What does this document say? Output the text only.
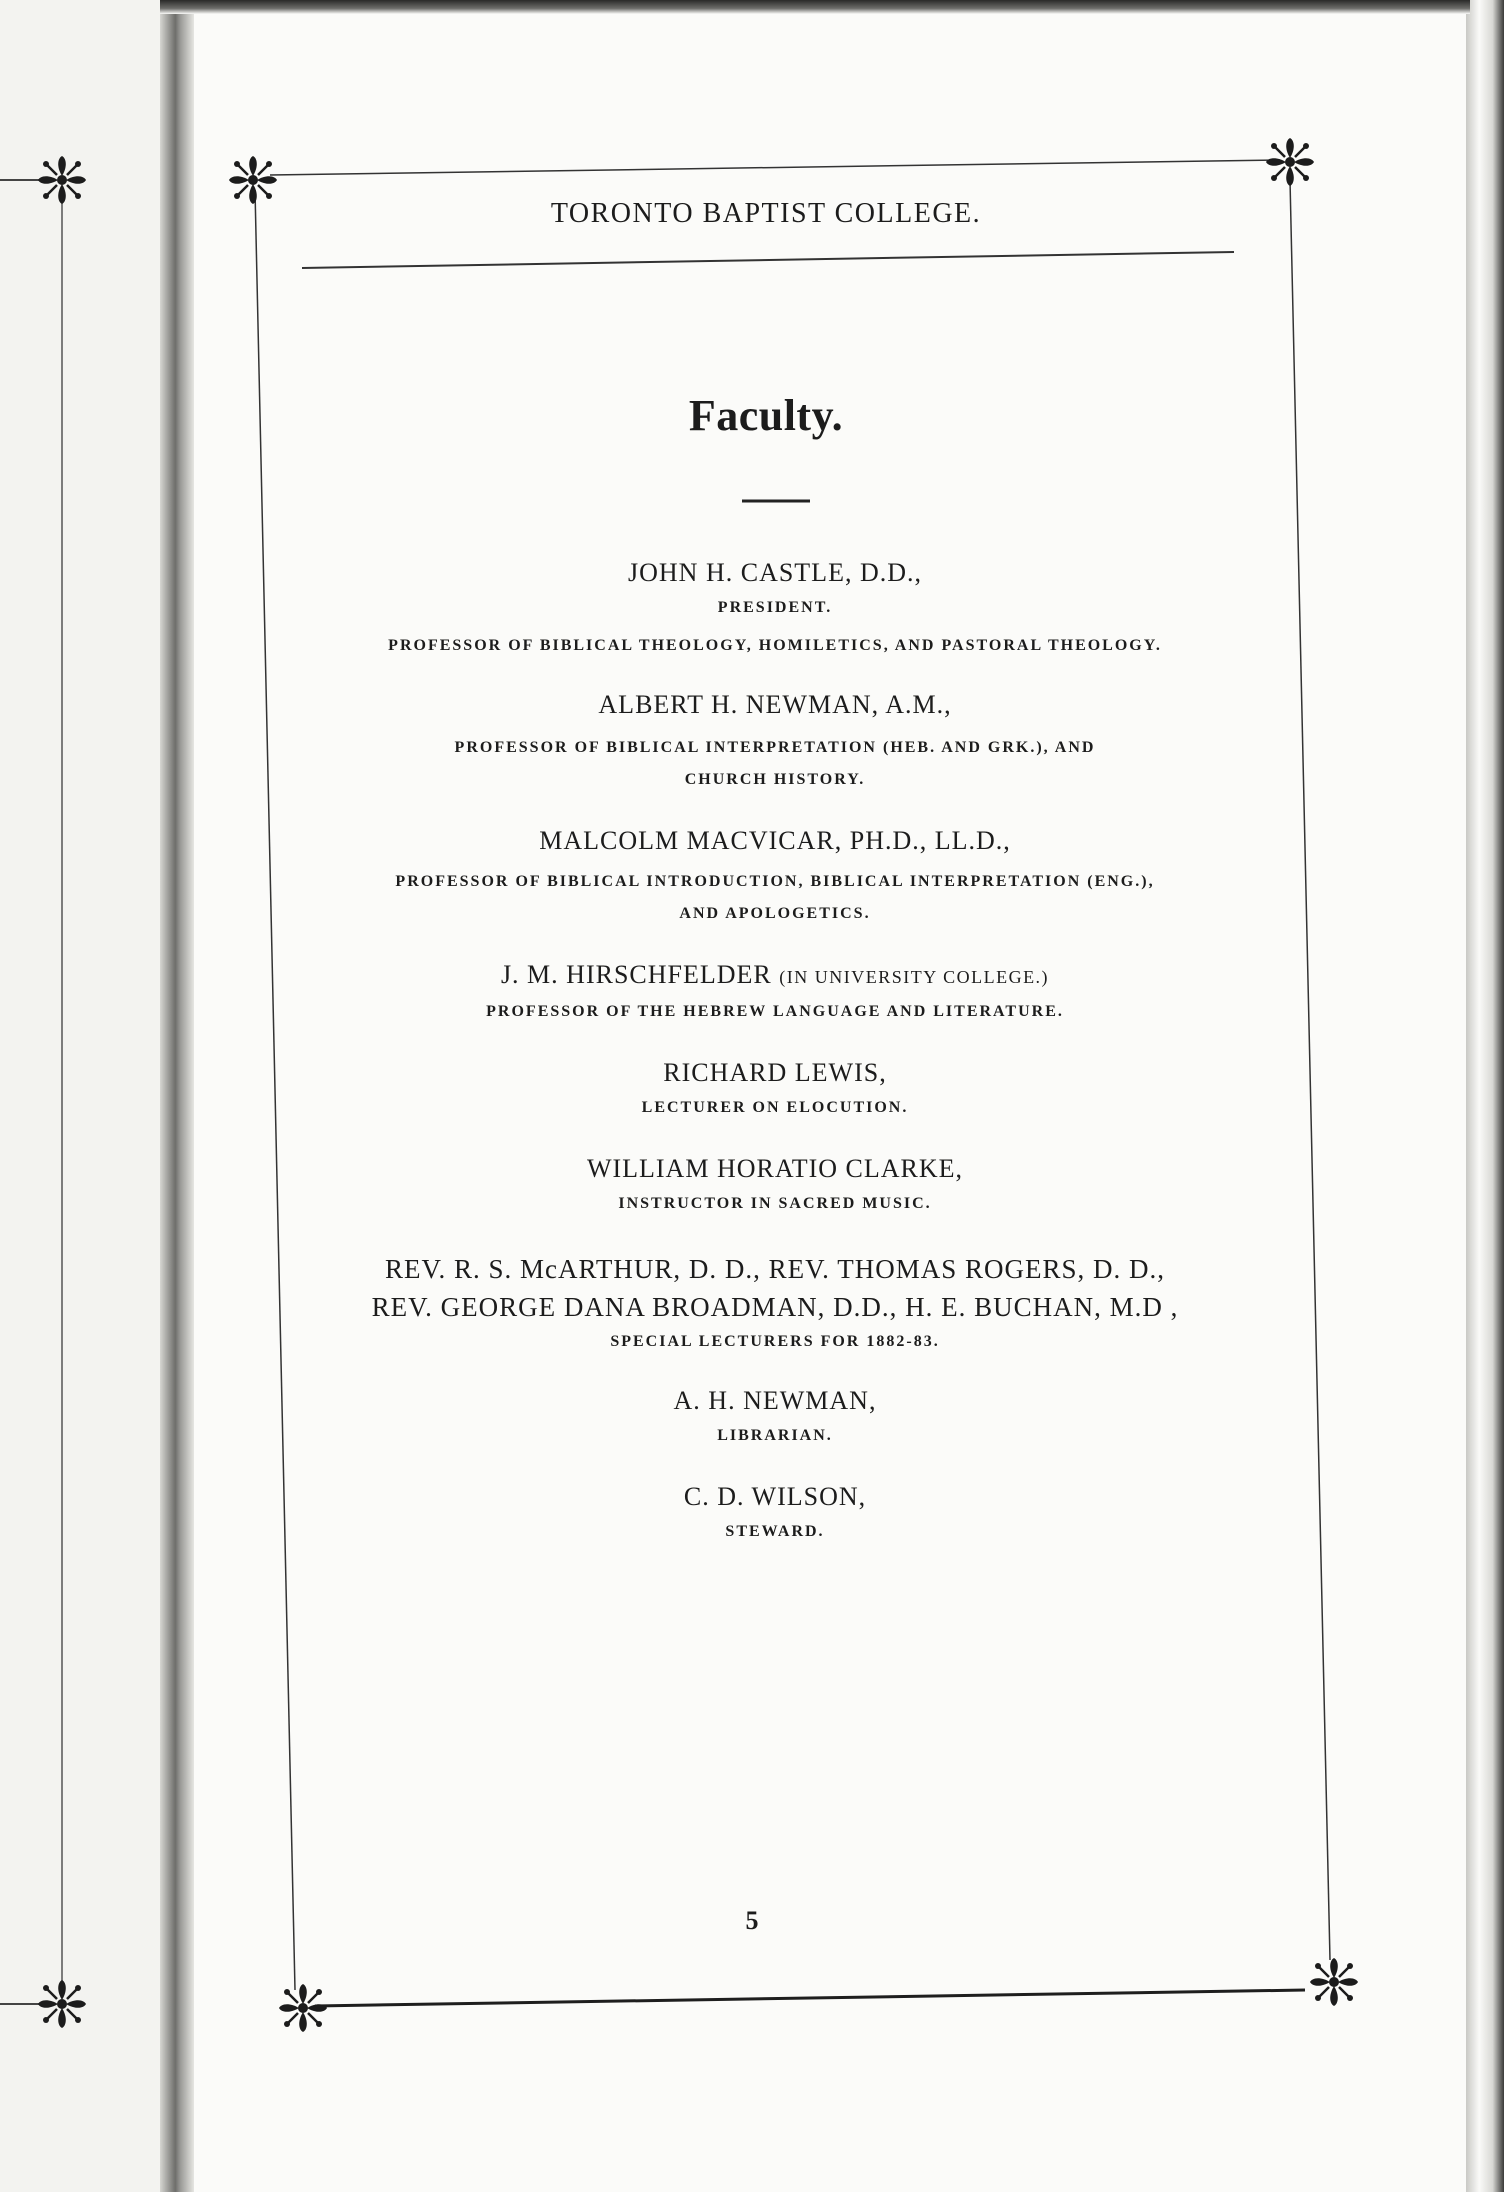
TORONTO BAPTIST COLLEGE.
Faculty.
JOHN H. CASTLE, D.D.,
PRESIDENT.
PROFESSOR OF BIBLICAL THEOLOGY, HOMILETICS, AND PASTORAL THEOLOGY.
ALBERT H. NEWMAN, A.M.,
PROFESSOR OF BIBLICAL INTERPRETATION (HEB. AND GRK.), AND
CHURCH HISTORY.
MALCOLM MACVICAR, PH.D., LL.D.,
PROFESSOR OF BIBLICAL INTRODUCTION, BIBLICAL INTERPRETATION (ENG.),
AND APOLOGETICS.
J. M. HIRSCHFELDER (IN UNIVERSITY COLLEGE.)
PROFESSOR OF THE HEBREW LANGUAGE AND LITERATURE.
RICHARD LEWIS,
LECTURER ON ELOCUTION.
WILLIAM HORATIO CLARKE,
INSTRUCTOR IN SACRED MUSIC.
REV. R. S. McARTHUR, D. D., REV. THOMAS ROGERS, D. D.,
REV. GEORGE DANA BROADMAN, D.D., H. E. BUCHAN, M.D ,
SPECIAL LECTURERS FOR 1882-83.
A. H. NEWMAN,
LIBRARIAN.
C. D. WILSON,
STEWARD.
5
